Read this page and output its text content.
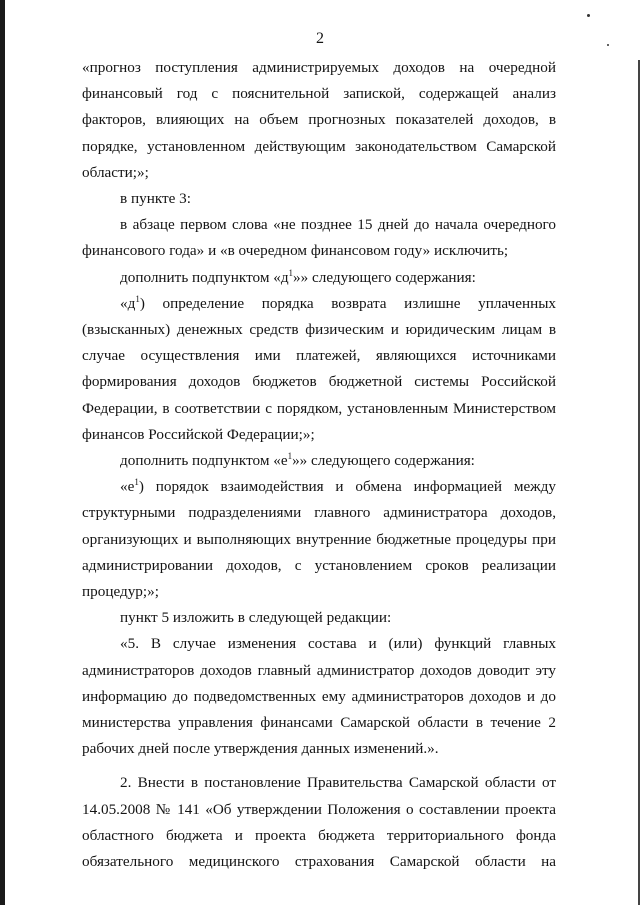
2

«прогноз поступления администрируемых доходов на очередной финансовый год с пояснительной запиской, содержащей анализ факторов, влияющих на объем прогнозных показателей доходов, в порядке, установленном действующим законодательством Самарской области;»;

в пункте 3:

в абзаце первом слова «не позднее 15 дней до начала очередного финансового года» и «в очередном финансовом году» исключить;

дополнить подпунктом «$д^1$»» следующего содержания:

«$д^1$) определение порядка возврата излишне уплаченных (взысканных) денежных средств физическим и юридическим лицам в случае осуществления ими платежей, являющихся источниками формирования доходов бюджетов бюджетной системы Российской Федерации, в соответствии с порядком, установленным Министерством финансов Российской Федерации;»;

дополнить подпунктом «$е^1$»» следующего содержания:

«$е^1$) порядок взаимодействия и обмена информацией между структурными подразделениями главного администратора доходов, организующих и выполняющих внутренние бюджетные процедуры при администрировании доходов, с установлением сроков реализации процедур;»;

пункт 5 изложить в следующей редакции:

«5. В случае изменения состава и (или) функций главных администраторов доходов главный администратор доходов доводит эту информацию до подведомственных ему администраторов доходов и до министерства управления финансами Самарской области в течение 2 рабочих дней после утверждения данных изменений.».

2. Внести в постановление Правительства Самарской области от 14.05.2008 № 141 «Об утверждении Положения о составлении проекта областного бюджета и проекта бюджета территориального фонда обязательного медицинского страхования Самарской области на
